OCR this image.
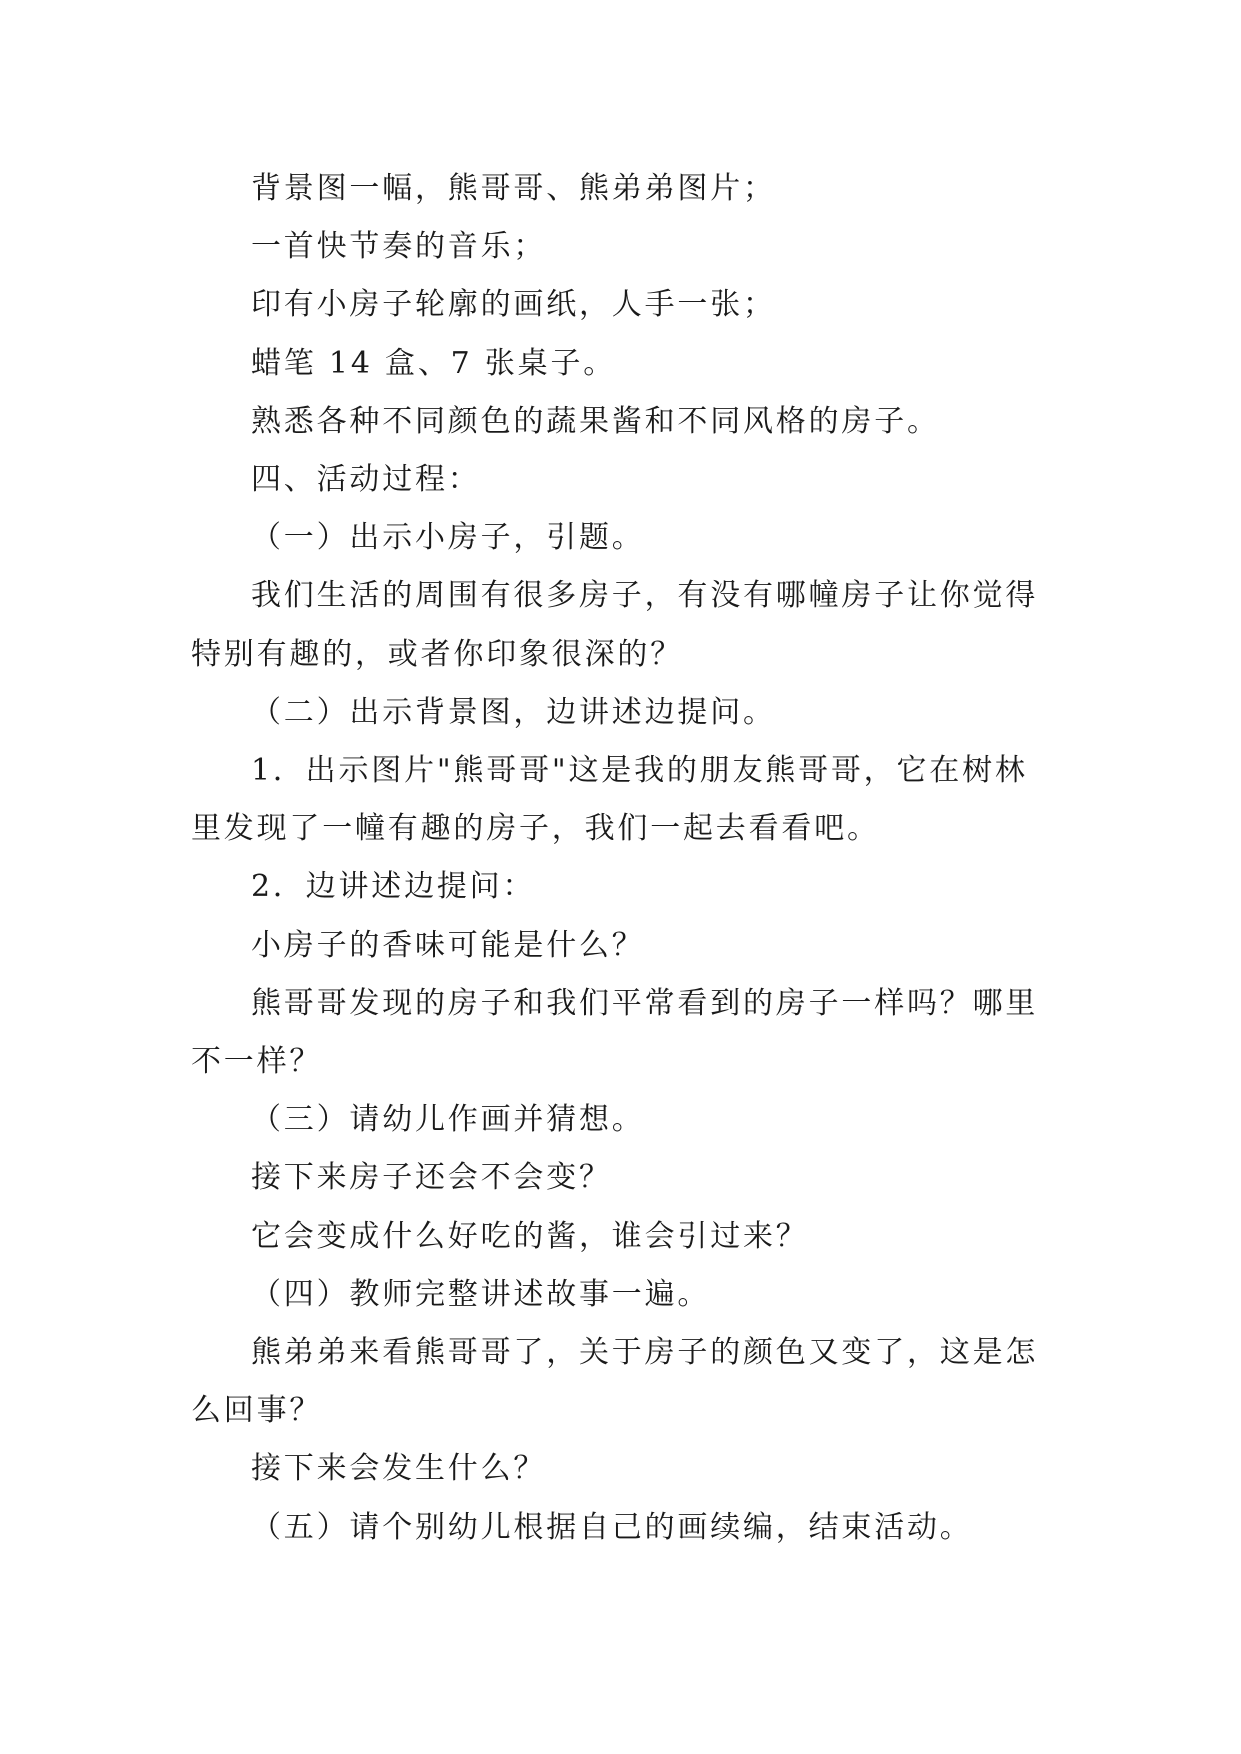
背景图一幅，熊哥哥、熊弟弟图片；

一首快节奏的音乐；

印有小房子轮廓的画纸，人手一张；

蜡笔 14 盒、7 张桌子。

熟悉各种不同颜色的蔬果酱和不同风格的房子。

四、活动过程：

（一）出示小房子，引题。

我们生活的周围有很多房子，有没有哪幢房子让你觉得特别有趣的，或者你印象很深的？

（二）出示背景图，边讲述边提问。

1．出示图片"熊哥哥"这是我的朋友熊哥哥，它在树林里发现了一幢有趣的房子，我们一起去看看吧。

2．边讲述边提问：

小房子的香味可能是什么？

熊哥哥发现的房子和我们平常看到的房子一样吗？哪里不一样？

（三）请幼儿作画并猜想。

接下来房子还会不会变？

它会变成什么好吃的酱，谁会引过来？

（四）教师完整讲述故事一遍。

熊弟弟来看熊哥哥了，关于房子的颜色又变了，这是怎么回事？

接下来会发生什么？

（五）请个别幼儿根据自己的画续编，结束活动。
